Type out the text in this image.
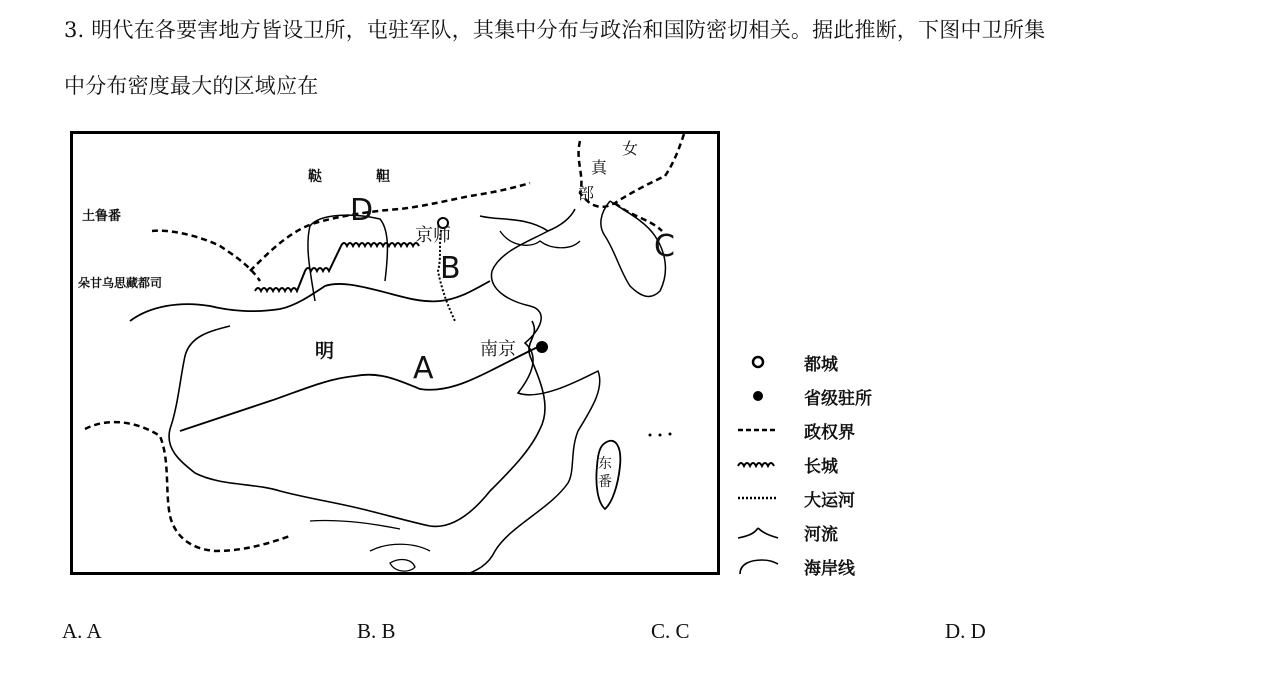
3. 明代在各要害地方皆设卫所，屯驻军队，其集中分布与政治和国防密切相关。据此推断，下图中卫所集
中分布密度最大的区域应在
鞑　靼
土鲁番
朵甘乌思藏都司
女
真
部
明
东
番
京师
南京
A
B
C
D
都城
省级驻所
政权界
长城
大运河
河流
海岸线
A. A	B. B	C. C	D. D
